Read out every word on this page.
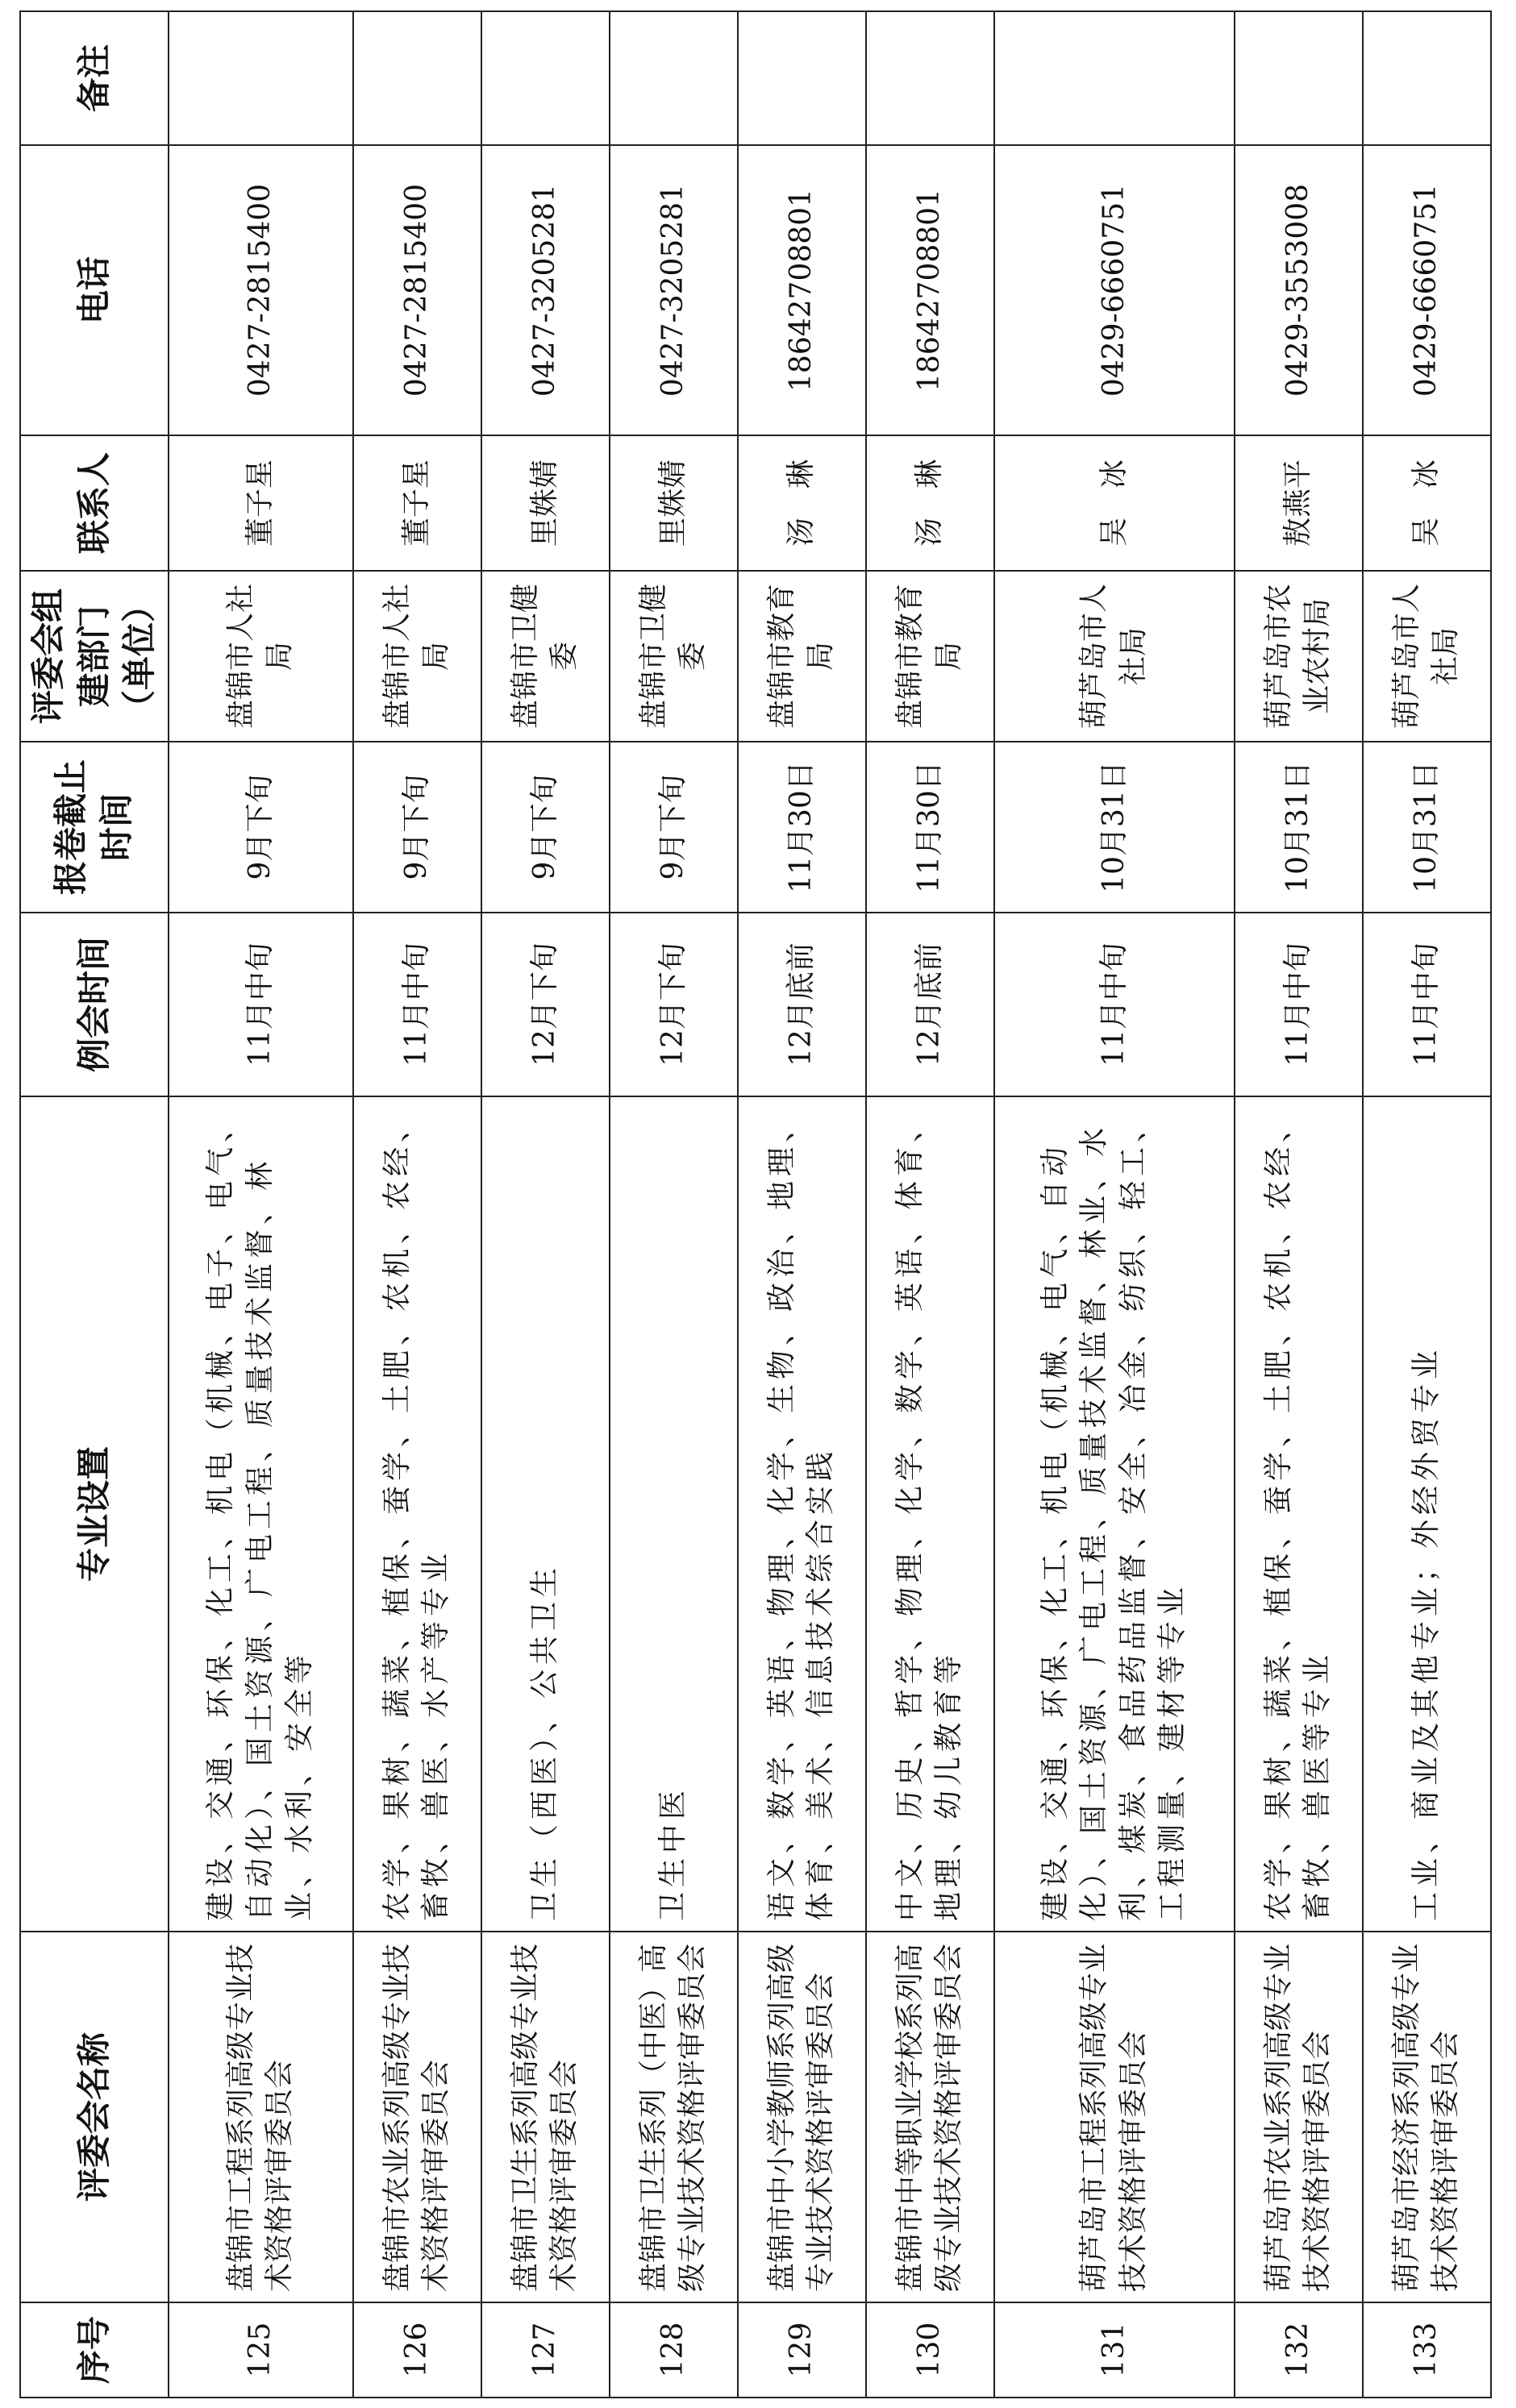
序号	评委会名称	专业设置	例会时间	报卷截止时间	评委会组建部门（单位）	联系人	电话	备注
125	盘锦市工程系列高级专业技术资格评审委员会	建设、交通、环保、化工、机电（机械、电子、电气、自动化）、国土资源、广电工程、质量技术监督、林业、水利、安全等	11月中旬	9月下旬	盘锦市人社局	董子星	0427-2815400	
126	盘锦市农业系列高级专业技术资格评审委员会	农学、果树、蔬菜、植保、蚕学、土肥、农机、农经、畜牧、兽医、水产等专业	11月中旬	9月下旬	盘锦市人社局	董子星	0427-2815400	
127	盘锦市卫生系列高级专业技术资格评审委员会	卫生（西医）、公共卫生	12月下旬	9月下旬	盘锦市卫健委	里姝婧	0427-3205281	
128	盘锦市卫生系列（中医）高级专业技术资格评审委员会	卫生中医	12月下旬	9月下旬	盘锦市卫健委	里姝婧	0427-3205281	
129	盘锦市中小学教师系列高级专业技术资格评审委员会	语文、数学、英语、物理、化学、生物、政治、地理、体育、美术、信息技术综合实践	12月底前	11月30日	盘锦市教育局	汤　琳	18642708801	
130	盘锦市中等职业学校系列高级专业技术资格评审委员会	中文、历史、哲学、物理、化学、数学、英语、体育、地理、幼儿教育等	12月底前	11月30日	盘锦市教育局	汤　琳	18642708801	
131	葫芦岛市工程系列高级专业技术资格评审委员会	建设、交通、环保、化工、机电（机械、电气、自动化）、国土资源、广电工程、质量技术监督、林业、水利、煤炭、食品药品监督、安全、冶金、纺织、轻工、工程测量、建材等专业	11月中旬	10月31日	葫芦岛市人社局	吴　冰	0429-6660751	
132	葫芦岛市农业系列高级专业技术资格评审委员会	农学、果树、蔬菜、植保、蚕学、土肥、农机、农经、畜牧、兽医等专业	11月中旬	10月31日	葫芦岛市农业农村局	敖燕平	0429-3553008	
133	葫芦岛市经济系列高级专业技术资格评审委员会	工业、商业及其他专业；外经外贸专业	11月中旬	10月31日	葫芦岛市人社局	吴　冰	0429-6660751	
